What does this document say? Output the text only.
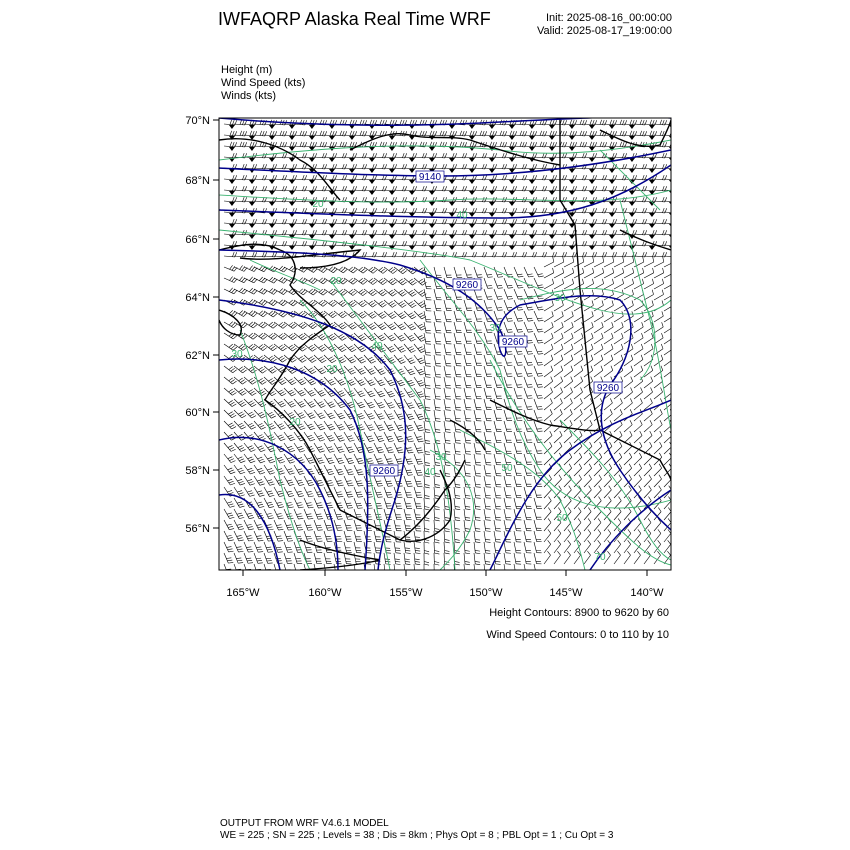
IWFAQRP Alaska Real Time WRF	Init: 2025-08-16_00:00:00
Valid: 2025-08-17_19:00:00
Height (m)
Wind Speed (kts)
Winds (kts)
9140
9260
9260
9260
9260
40
20
20
30
30
40
30
20
20
30
50
50
40
70
70°N
68°N
66°N
64°N
62°N
60°N
58°N
56°N
165°W	160°W	155°W	150°W	145°W	140°W
Height Contours: 8900 to 9620 by 60
Wind Speed Contours: 0 to 110 by 10
OUTPUT FROM WRF V4.6.1 MODEL
WE = 225 ; SN = 225 ; Levels = 38 ; Dis = 8km ; Phys Opt = 8 ; PBL Opt = 1 ; Cu Opt = 3
